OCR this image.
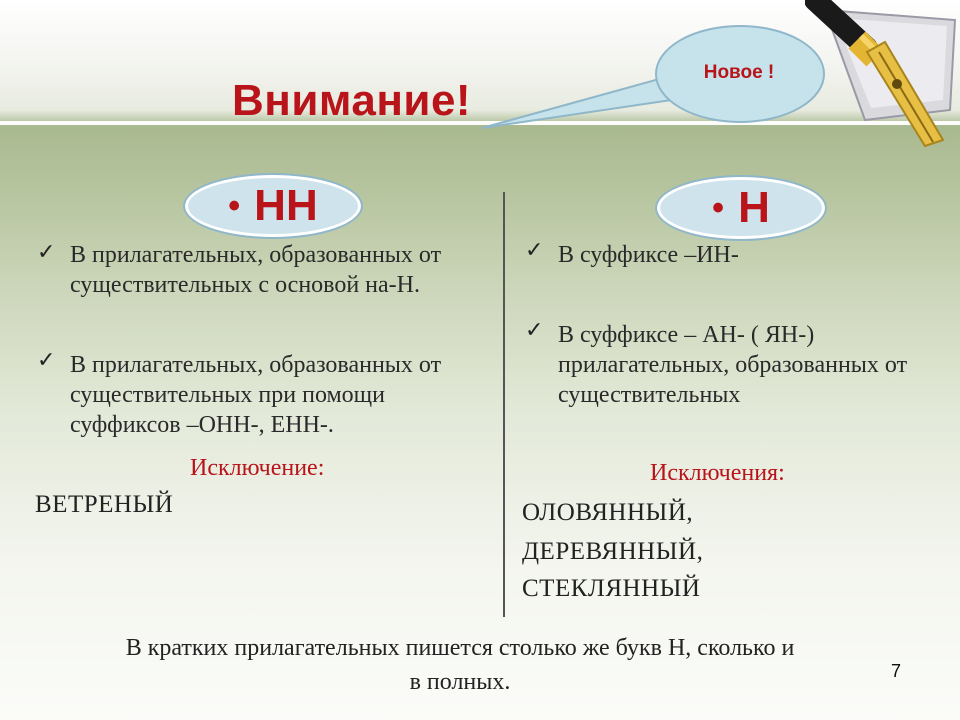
Внимание!
Новое !
• НН
✓ В прилагательных, образованных от существительных с основой на-Н.
✓ В прилагательных, образованных от существительных при помощи суффиксов –ОНН-, ЕНН-.
Исключение:
ВЕТРЕНЫЙ
• Н
✓ В суффиксе –ИН-
✓ В суффиксе – АН- ( ЯН-) прилагательных, образованных от существительных
Исключения:
ОЛОВЯННЫЙ,
ДЕРЕВЯННЫЙ,
СТЕКЛЯННЫЙ
В кратких прилагательных пишется столько же букв Н, сколько и
в полных.	7
